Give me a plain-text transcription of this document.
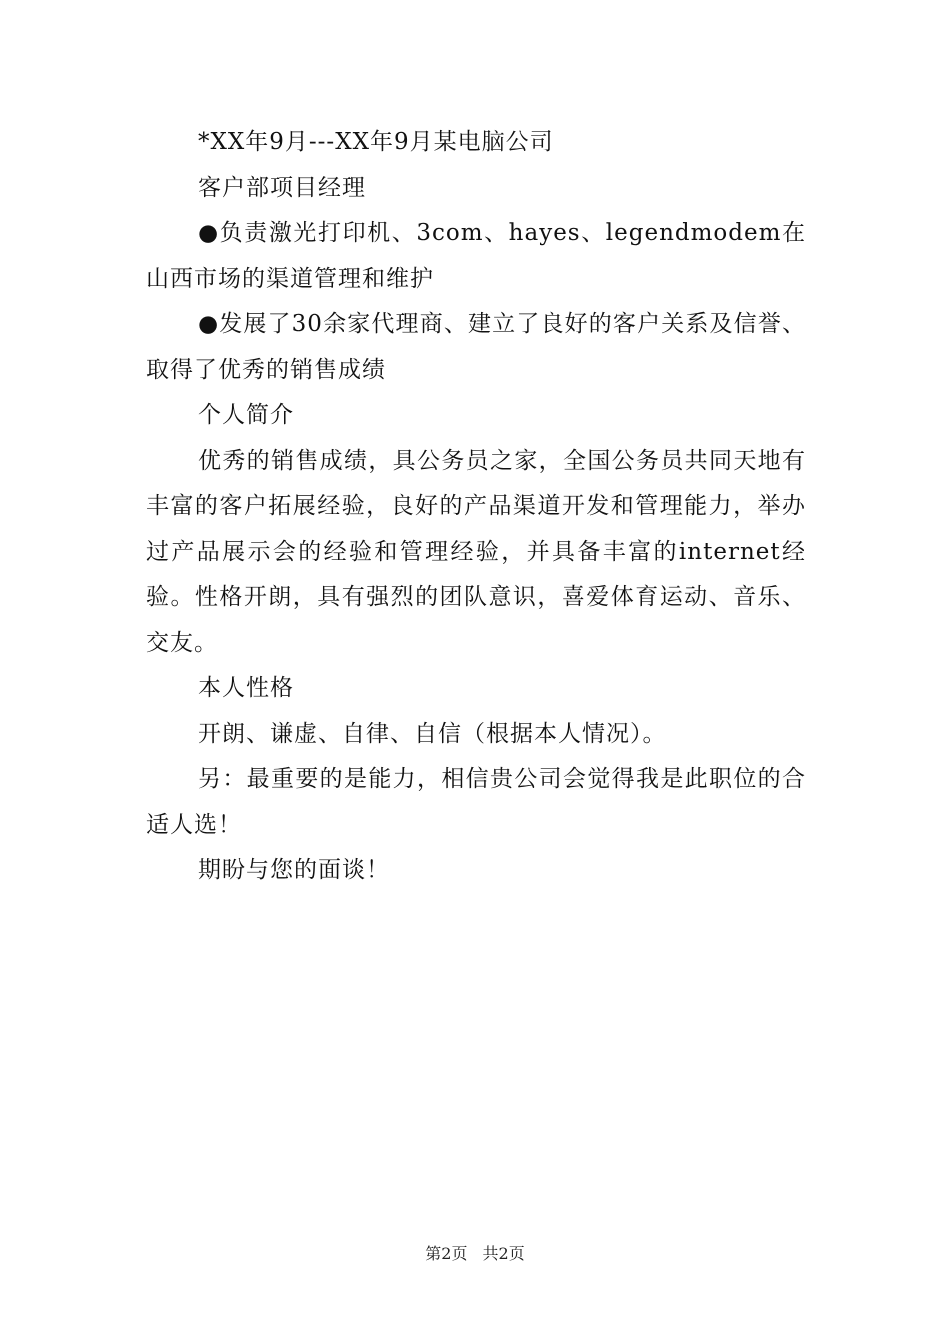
*XX年9月---XX年9月某电脑公司

客户部项目经理

●负责激光打印机、3com、hayes、legendmodem在山西市场的渠道管理和维护

●发展了30余家代理商、建立了良好的客户关系及信誉、取得了优秀的销售成绩

个人简介

优秀的销售成绩，具公务员之家，全国公务员共同天地有丰富的客户拓展经验，良好的产品渠道开发和管理能力，举办过产品展示会的经验和管理经验，并具备丰富的internet经验。性格开朗，具有强烈的团队意识，喜爱体育运动、音乐、交友。

本人性格

开朗、谦虚、自律、自信（根据本人情况）。

另：最重要的是能力，相信贵公司会觉得我是此职位的合适人选！

期盼与您的面谈！

第2页 共2页
